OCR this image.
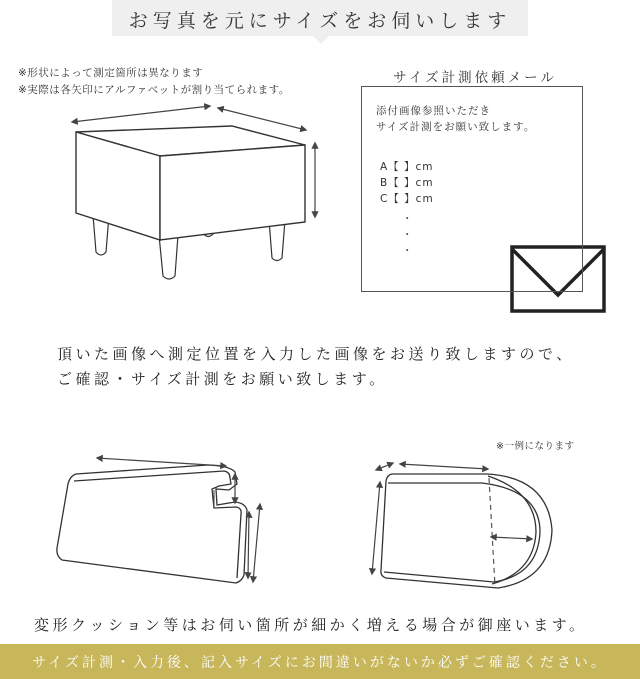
お写真を元にサイズをお伺いします
※形状によって測定箇所は異なります
※実際は各矢印にアルファベットが割り当てられます。
サイズ計測依頼メール
添付画像参照いただき
サイズ計測をお願い致します。
A【 】cm
B【 】cm
C【 】cm
・
・
・
頂いた画像へ測定位置を入力した画像をお送り致しますので、
ご確認・サイズ計測をお願い致します。
※一例になります
変形クッション等はお伺い箇所が細かく増える場合が御座います。
サイズ計測・入力後、記入サイズにお間違いがないか必ずご確認ください。
